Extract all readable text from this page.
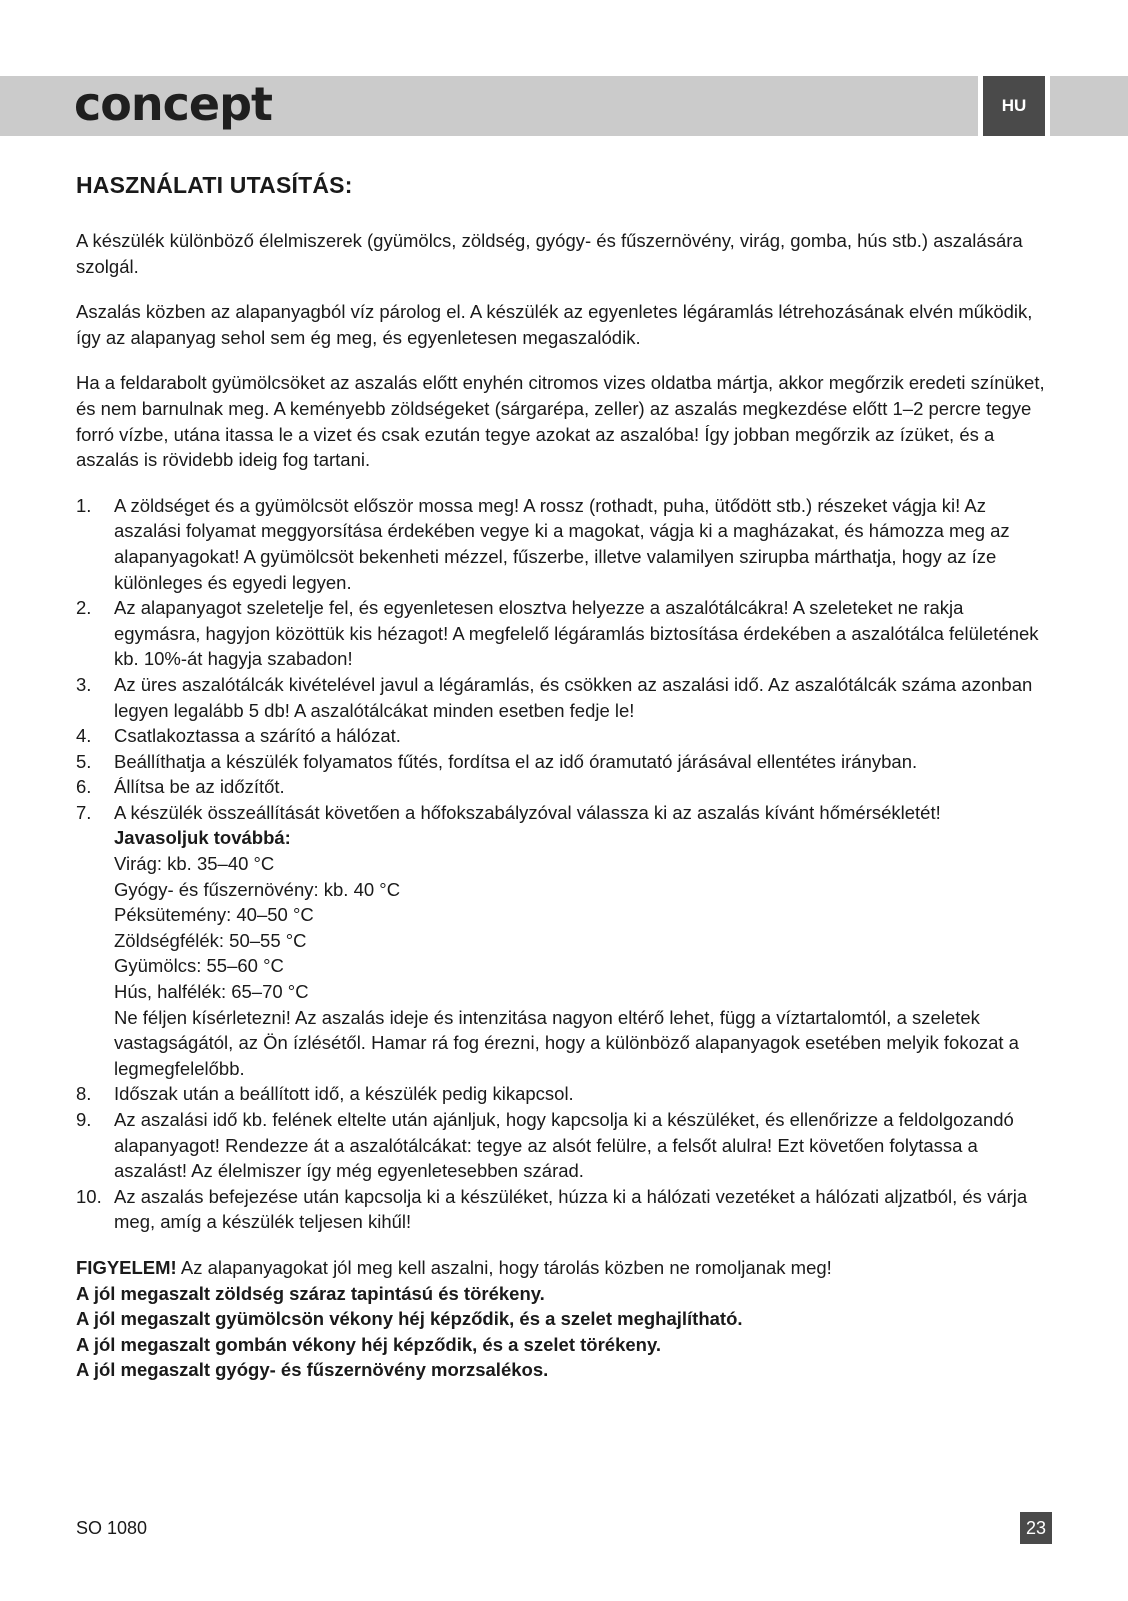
concept	HU
HASZNÁLATI UTASÍTÁS:

A készülék különböző élelmiszerek (gyümölcs, zöldség, gyógy- és fűszernövény, virág, gomba, hús stb.) aszalására szolgál.

Aszalás közben az alapanyagból víz párolog el. A készülék az egyenletes légáramlás létrehozásának elvén működik, így az alapanyag sehol sem ég meg, és egyenletesen megaszalódik.

Ha a feldarabolt gyümölcsöket az aszalás előtt enyhén citromos vizes oldatba mártja, akkor megőrzik eredeti színüket, és nem barnulnak meg. A keményebb zöldségeket (sárgarépa, zeller) az aszalás megkezdése előtt 1–2 percre tegye forró vízbe, utána itassa le a vizet és csak ezután tegye azokat az aszalóba! Így jobban megőrzik az ízüket, és a aszalás is rövidebb ideig fog tartani.

1.	A zöldséget és a gyümölcsöt először mossa meg! A rossz (rothadt, puha, ütődött stb.) részeket vágja ki! Az aszalási folyamat meggyorsítása érdekében vegye ki a magokat, vágja ki a magházakat, és hámozza meg az alapanyagokat! A gyümölcsöt bekenheti mézzel, fűszerbe, illetve valamilyen szirupba márthatja, hogy az íze különleges és egyedi legyen.
2.	Az alapanyagot szeletelje fel, és egyenletesen elosztva helyezze a aszalótálcákra! A szeleteket ne rakja egymásra, hagyjon közöttük kis hézagot! A megfelelő légáramlás biztosítása érdekében a aszalótálca felületének kb. 10%-át hagyja szabadon!
3.	Az üres aszalótálcák kivételével javul a légáramlás, és csökken az aszalási idő. Az aszalótálcák száma azonban legyen legalább 5 db! A aszalótálcákat minden esetben fedje le!
4.	Csatlakoztassa a szárító a hálózat.
5.	Beállíthatja a készülék folyamatos fűtés, fordítsa el az idő óramutató járásával ellentétes irányban.
6.	Állítsa be az időzítőt.
7.	A készülék összeállítását követően a hőfokszabályzóval válassza ki az aszalás kívánt hőmérsékletét!
Javasoljuk továbbá:
Virág: kb. 35–40 °C
Gyógy- és fűszernövény: kb. 40 °C
Péksütemény: 40–50 °C
Zöldségfélék: 50–55 °C
Gyümölcs: 55–60 °C
Hús, halfélék: 65–70 °C
Ne féljen kísérletezni! Az aszalás ideje és intenzitása nagyon eltérő lehet, függ a víztartalomtól, a szeletek vastagságától, az Ön ízlésétől. Hamar rá fog érezni, hogy a különböző alapanyagok esetében melyik fokozat a legmegfelelőbb.
8.	Időszak után a beállított idő, a készülék pedig kikapcsol.
9.	Az aszalási idő kb. felének eltelte után ajánljuk, hogy kapcsolja ki a készüléket, és ellenőrizze a feldolgozandó alapanyagot! Rendezze át a aszalótálcákat: tegye az alsót felülre, a felsőt alulra! Ezt követően folytassa a aszalást! Az élelmiszer így még egyenletesebben szárad.
10. Az aszalás befejezése után kapcsolja ki a készüléket, húzza ki a hálózati vezetéket a hálózati aljzatból, és várja meg, amíg a készülék teljesen kihűl!

FIGYELEM! Az alapanyagokat jól meg kell aszalni, hogy tárolás közben ne romoljanak meg!

A jól megaszalt zöldség száraz tapintású és törékeny.

A jól megaszalt gyümölcsön vékony héj képződik, és a szelet meghajlítható.

A jól megaszalt gombán vékony héj képződik, és a szelet törékeny.

A jól megaszalt gyógy- és fűszernövény morzsalékos.

SO 1080	23
